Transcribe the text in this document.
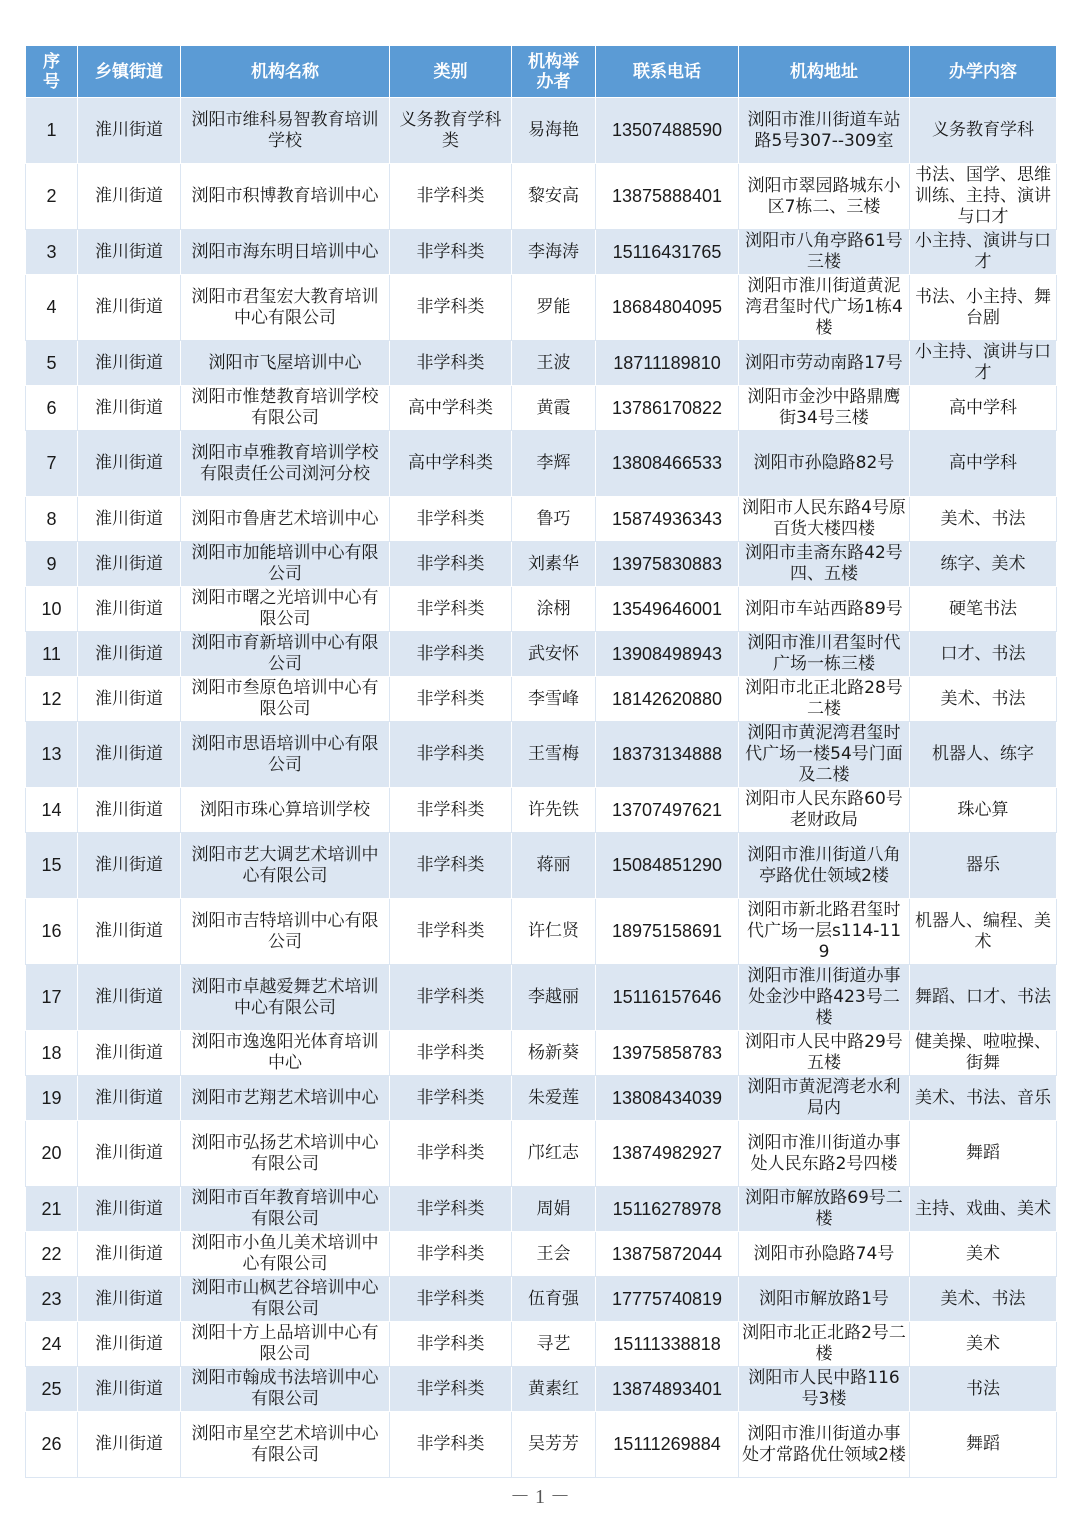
序号	乡镇街道	机构名称	类别	机构举办者	联系电话	机构地址	办学内容
1	淮川街道	浏阳市维科易智教育培训学校	义务教育学科类	易海艳	13507488590	浏阳市淮川街道车站路5号307--309室	义务教育学科
2	淮川街道	浏阳市积博教育培训中心	非学科类	黎安高	13875888401	浏阳市翠园路城东小区7栋二、三楼	书法、国学、思维训练、主持、演讲与口才
3	淮川街道	浏阳市海东明日培训中心	非学科类	李海涛	15116431765	浏阳市八角亭路61号三楼	小主持、演讲与口才
4	淮川街道	浏阳市君玺宏大教育培训中心有限公司	非学科类	罗能	18684804095	浏阳市淮川街道黄泥湾君玺时代广场1栋4楼	书法、小主持、舞台剧
5	淮川街道	浏阳市飞屋培训中心	非学科类	王波	18711189810	浏阳市劳动南路17号	小主持、演讲与口才
6	淮川街道	浏阳市惟楚教育培训学校有限公司	高中学科类	黄霞	13786170822	浏阳市金沙中路鼎鹰街34号三楼	高中学科
7	淮川街道	浏阳市卓雅教育培训学校有限责任公司浏河分校	高中学科类	李辉	13808466533	浏阳市孙隐路82号	高中学科
8	淮川街道	浏阳市鲁唐艺术培训中心	非学科类	鲁巧	15874936343	浏阳市人民东路4号原百货大楼四楼	美术、书法
9	淮川街道	浏阳市加能培训中心有限公司	非学科类	刘素华	13975830883	浏阳市圭斋东路42号四、五楼	练字、美术
10	淮川街道	浏阳市曙之光培训中心有限公司	非学科类	涂栩	13549646001	浏阳市车站西路89号	硬笔书法
11	淮川街道	浏阳市育新培训中心有限公司	非学科类	武安怀	13908498943	浏阳市淮川君玺时代广场一栋三楼	口才、书法
12	淮川街道	浏阳市叁原色培训中心有限公司	非学科类	李雪峰	18142620880	浏阳市北正北路28号二楼	美术、书法
13	淮川街道	浏阳市思语培训中心有限公司	非学科类	王雪梅	18373134888	浏阳市黄泥湾君玺时代广场一楼54号门面及二楼	机器人、练字
14	淮川街道	浏阳市珠心算培训学校	非学科类	许先铁	13707497621	浏阳市人民东路60号老财政局	珠心算
15	淮川街道	浏阳市艺大调艺术培训中心有限公司	非学科类	蒋丽	15084851290	浏阳市淮川街道八角亭路优仕领域2楼	器乐
16	淮川街道	浏阳市吉特培训中心有限公司	非学科类	许仁贤	18975158691	浏阳市新北路君玺时代广场一层s114-119	机器人、编程、美术
17	淮川街道	浏阳市卓越爱舞艺术培训中心有限公司	非学科类	李越丽	15116157646	浏阳市淮川街道办事处金沙中路423号二楼	舞蹈、口才、书法
18	淮川街道	浏阳市逸逸阳光体育培训中心	非学科类	杨新葵	13975858783	浏阳市人民中路29号五楼	健美操、啦啦操、街舞
19	淮川街道	浏阳市艺翔艺术培训中心	非学科类	朱爱莲	13808434039	浏阳市黄泥湾老水利局内	美术、书法、音乐
20	淮川街道	浏阳市弘扬艺术培训中心有限公司	非学科类	邝红志	13874982927	浏阳市淮川街道办事处人民东路2号四楼	舞蹈
21	淮川街道	浏阳市百年教育培训中心有限公司	非学科类	周娟	15116278978	浏阳市解放路69号二楼	主持、戏曲、美术
22	淮川街道	浏阳市小鱼儿美术培训中心有限公司	非学科类	王会	13875872044	浏阳市孙隐路74号	美术
23	淮川街道	浏阳市山枫艺谷培训中心有限公司	非学科类	伍育强	17775740819	浏阳市解放路1号	美术、书法
24	淮川街道	浏阳十方上品培训中心有限公司	非学科类	寻艺	15111338818	浏阳市北正北路2号二楼	美术
25	淮川街道	浏阳市翰成书法培训中心有限公司	非学科类	黄素红	13874893401	浏阳市人民中路116号3楼	书法
26	淮川街道	浏阳市星空艺术培训中心有限公司	非学科类	吴芳芳	15111269884	浏阳市淮川街道办事处才常路优仕领域2楼	舞蹈
－ 1 －
